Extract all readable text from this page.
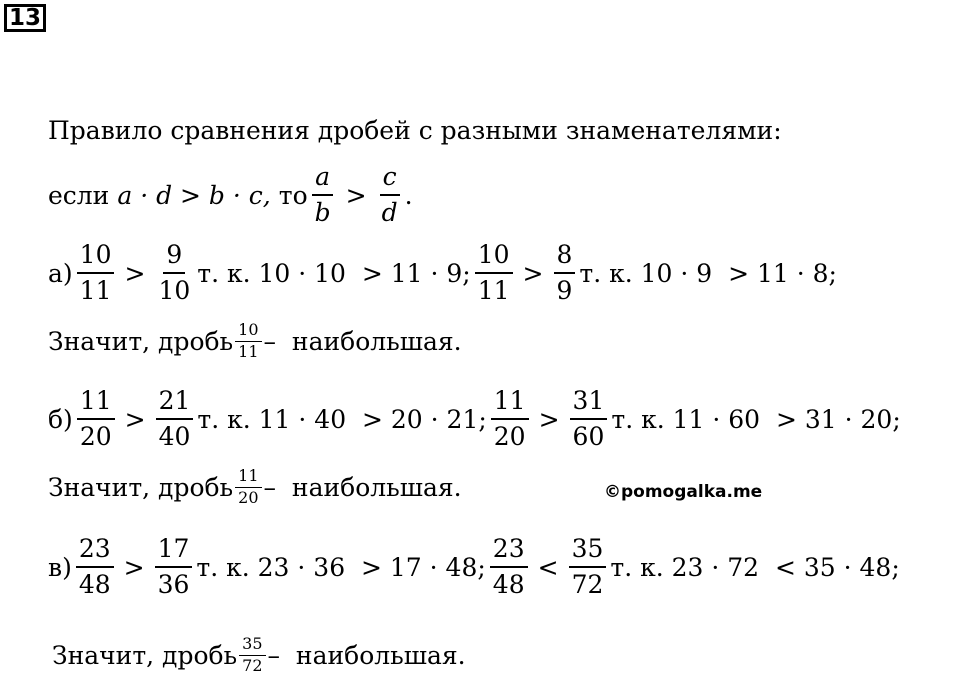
13
Правило сравнения дробей с разными знаменателями:
если a · d > b · c, то $\frac{a}{b} > \frac{c}{d}$ .
$а) \frac{10}{11} > \frac{9}{10} т$. к. 10 · 10  > 11 · 9; $\frac{10}{11} > \frac{8}{9} т$. к. 10 · 9  > 11 · 8;
Значит, дробь $\frac{10}{11}$ –  наибольшая.
$б) \frac{11}{20} > \frac{21}{40} т$. к. 11 · 40  > 20 · 21; $\frac{11}{20} > \frac{31}{60} т$. к. 11 · 60  > 31 · 20;
Значит, дробь $\frac{11}{20}$ –  наибольшая.	©pomogalka.me
$в) \frac{23}{48} > \frac{17}{36} т$. к. 23 · 36  > 17 · 48; $\frac{23}{48} < \frac{35}{72} т$. к. 23 · 72  < 35 · 48;
Значит, дробь $\frac{35}{72}$ –  наибольшая.
